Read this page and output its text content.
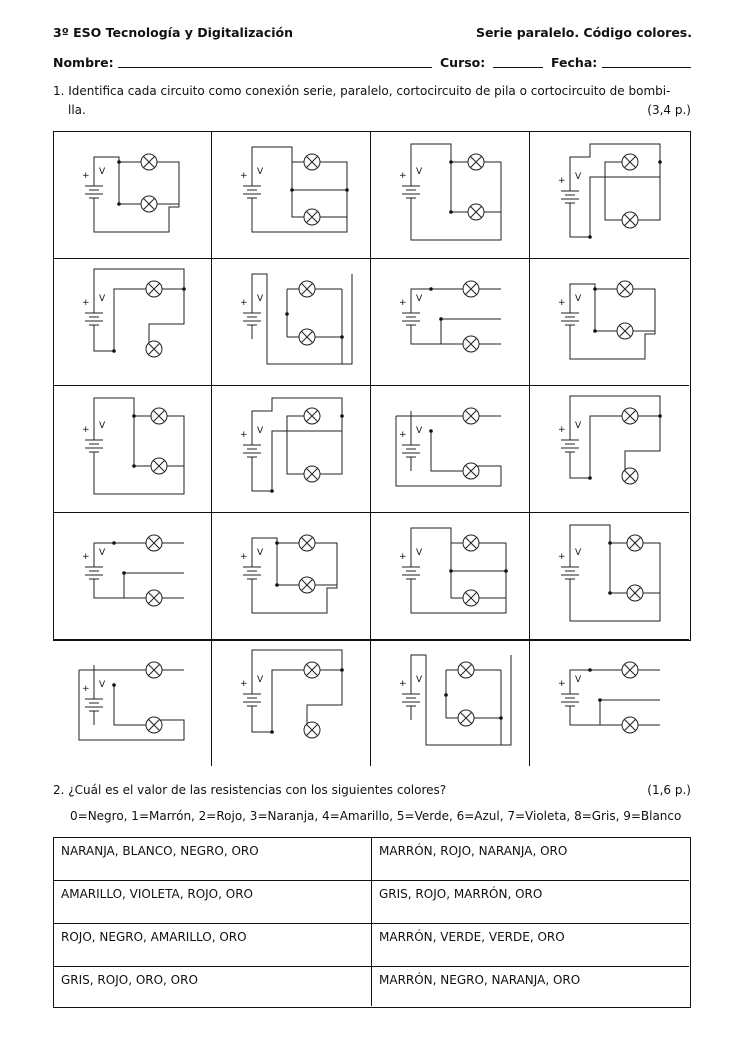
3º ESO Tecnología y Digitalización	Serie paralelo. Código colores.
Nombre:	Curso:	Fecha:
1. Identifica cada circuito como conexión serie, paralelo, cortocircuito de pila o cortocircuito de bombi-
lla.	(3,4 p.)
+ V	+ V	+ V
+ V
+ V	+ V	+ V	+ V
+ V
+ V	+ V	+ V
+ V	+ V	+ V	+ V
+ V	+ V	+ V	+ V
2. ¿Cuál es el valor de las resistencias con los siguientes colores?	(1,6 p.)
0=Negro, 1=Marrón, 2=Rojo, 3=Naranja, 4=Amarillo, 5=Verde, 6=Azul, 7=Violeta, 8=Gris, 9=Blanco
NARANJA, BLANCO, NEGRO, ORO	MARRÓN, ROJO, NARANJA, ORO
AMARILLO, VIOLETA, ROJO, ORO	GRIS, ROJO, MARRÓN, ORO
ROJO, NEGRO, AMARILLO, ORO	MARRÓN, VERDE, VERDE, ORO
GRIS, ROJO, ORO, ORO	MARRÓN, NEGRO, NARANJA, ORO
